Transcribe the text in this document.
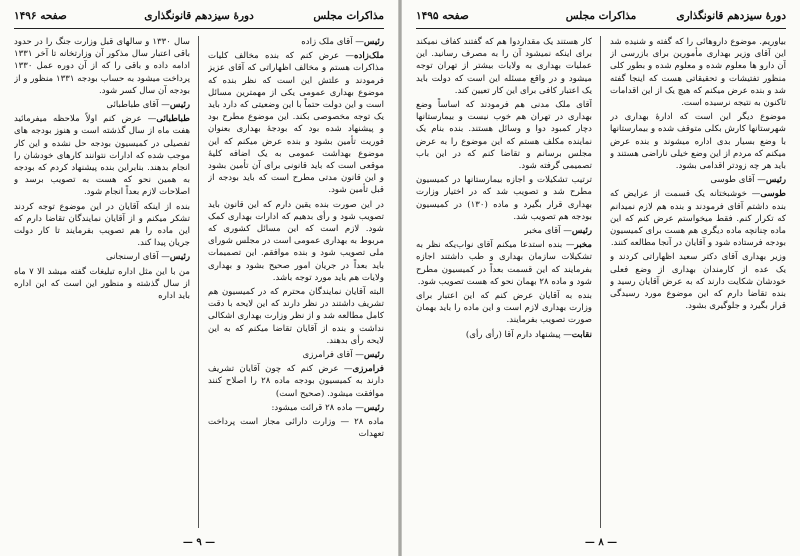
مذاکرات مجلس
دورهٔ سیزدهم قانونگذاری
صفحه ۱۴۹۶

رئیس— آقای ملک زاده

ملک‌زاده— عرض کنم که بنده مخالف کلیات مذاکرات هستم و مخالف اظهاراتی که آقای عزیز فرمودند و علتش این است که نظر بنده که موضوع بهداری عمومی یکی از مهمترین مسائل است و این دولت حتماً با این وضعیتی که دارد باید یک توجه مخصوصی بکند. این موضوع مطرح بود و پیشنهاد شده بود که بودجهٔ بهداری بعنوان فوریت تأمین بشود و بنده عرض میکنم که این موضوع بهداشت عمومی به یک اضافه کلیهٔ موقعی است که باید قانونی برای آن تأمین بشود و این قانون مدتی مطرح است که باید بودجه از قبل تأمین شود.

در این صورت بنده یقین دارم که این قانون باید تصویب شود و رأی بدهیم که ادارات بهداری کمک شود. لازم است که این مسائل کشوری که مربوط به بهداری عمومی است در مجلس شورای ملی تصویب شود و بنده موافقم. این تصمیمات باید بعداً در جریان امور صحیح بشود و بهداری ولایات هم باید مورد توجه باشد.

البته آقایان نمایندگان محترم که در کمیسیون هم تشریف داشتند در نظر دارند که این لایحه با دقت کامل مطالعه شد و از نظر وزارت بهداری اشکالی نداشت و بنده از آقایان تقاضا میکنم که به این لایحه رأی بدهند.

رئیس— آقای فرامرزی

فرامرزی— عرض کنم که چون آقایان تشریف دارند به کمیسیون بودجه ماده ۲۸ را اصلاح کنند موافقت میشود. (صحیح است)

رئیس— ماده ۲۸ قرائت میشود:

ماده ۲۸ — وزارت دارائی مجاز است پرداخت تعهدات

سال ۱۳۳۰ و سالهای قبل وزارت جنگ را در حدود باقی اعتبار سال مذکور آن وزارتخانه تا آخر ۱۳۳۱ ادامه داده و باقی را که از آن دوره عمل ۱۳۳۰ پرداخت میشود به حساب بودجه ۱۳۳۱ منظور و از بودجه آن سال کسر شود.

رئیس— آقای طباطبائی

طباطبائی— عرض کنم اولاً ملاحظه میفرمائید هفت ماه از سال گذشته است و هنوز بودجه های تفصیلی در کمیسیون بودجه حل نشده و این کار موجب شده که ادارات نتوانند کارهای خودشان را انجام بدهند. بنابراین بنده پیشنهاد کردم که بودجه به همین نحو که هست به تصویب برسد و اصلاحات لازم بعداً انجام شود.

بنده از اینکه آقایان در این موضوع توجه کردند تشکر میکنم و از آقایان نمایندگان تقاضا دارم که این ماده را هم تصویب بفرمایند تا کار دولت جریان پیدا کند.

رئیس— آقای ارسنجانی

من با این مثل اداره تبلیغات گفته میشد الا ۷ ماه از سال گذشته و منظور این است که این اداره باید اداره

— ۹ —
دورهٔ سیزدهم قانونگذاری
مذاکرات مجلس
صفحه ۱۴۹۵

بیاوریم. موضوع داروهائی را که گفته و شنیده شد این آقای وزیر بهداری مأمورین برای بازرسی از آن دارو ها معلوم شده و معلوم شده و بطور کلی منظور تفتیشات و تحقیقاتی هست که اینجا گفته شد و بنده عرض میکنم که هیچ یک از این اقدامات تاکنون به نتیجه نرسیده است.

موضوع دیگر این است که ادارهٔ بهداری در شهرستانها کارش بکلی متوقف شده و بیمارستانها با وضع بسیار بدی اداره میشوند و بنده عرض میکنم که مردم از این وضع خیلی ناراضی هستند و باید هر چه زودتر اقدامی بشود.

رئیس— آقای طوسی

طوسی— خوشبختانه یک قسمت از عرایض که بنده داشتم آقای فرمودند و بنده هم لازم نمیدانم که تکرار کنم. فقط میخواستم عرض کنم که این ماده چنانچه ماده دیگری هم هست برای کمیسیون بودجه فرستاده شود و آقایان در آنجا مطالعه کنند.

وزیر بهداری آقای دکتر سعید اظهاراتی کردند و یک عده از کارمندان بهداری از وضع فعلی خودشان شکایت دارند که به عرض آقایان رسید و بنده تقاضا دارم که این موضوع مورد رسیدگی قرار بگیرد و جلوگیری بشود.

کار هستند یک مقداردوا هم که گفتند کفاف نمیکند برای اینکه نمیشود آن را به مصرف رسانید. این عملیات بهداری به ولایات بیشتر از تهران توجه میشود و در واقع مسئله این است که دولت باید یک اعتبار کافی برای این کار تعیین کند.

آقای ملک مدنی هم فرمودند که اساساً وضع بهداری در تهران هم خوب نیست و بیمارستانها دچار کمبود دوا و وسائل هستند. بنده بنام یک نماینده مکلف هستم که این موضوع را به عرض مجلس برسانم و تقاضا کنم که در این باب تصمیمی گرفته شود.

ترتیب تشکیلات و اجازه بیمارستانها در کمیسیون مطرح شد و تصویب شد که در اختیار وزارت بهداری قرار بگیرد و ماده (۱۳۰) در کمیسیون بودجه هم تصویب شد.

رئیس— آقای مخبر

مخبر— بنده استدعا میکنم آقای نواب‌یکه نظر به تشکیلات سازمان بهداری و طب داشتند اجازه بفرمایند که این قسمت بعداً در کمیسیون مطرح شود و ماده ۲۸ بهمان نحو که هست تصویب شود.

بنده به آقایان عرض کنم که این اعتبار برای وزارت بهداری لازم است و این ماده را باید بهمان صورت تصویب بفرمایند.

نقابت— پیشنهاد دارم آقا (رأی رأی)

— ۸ —
